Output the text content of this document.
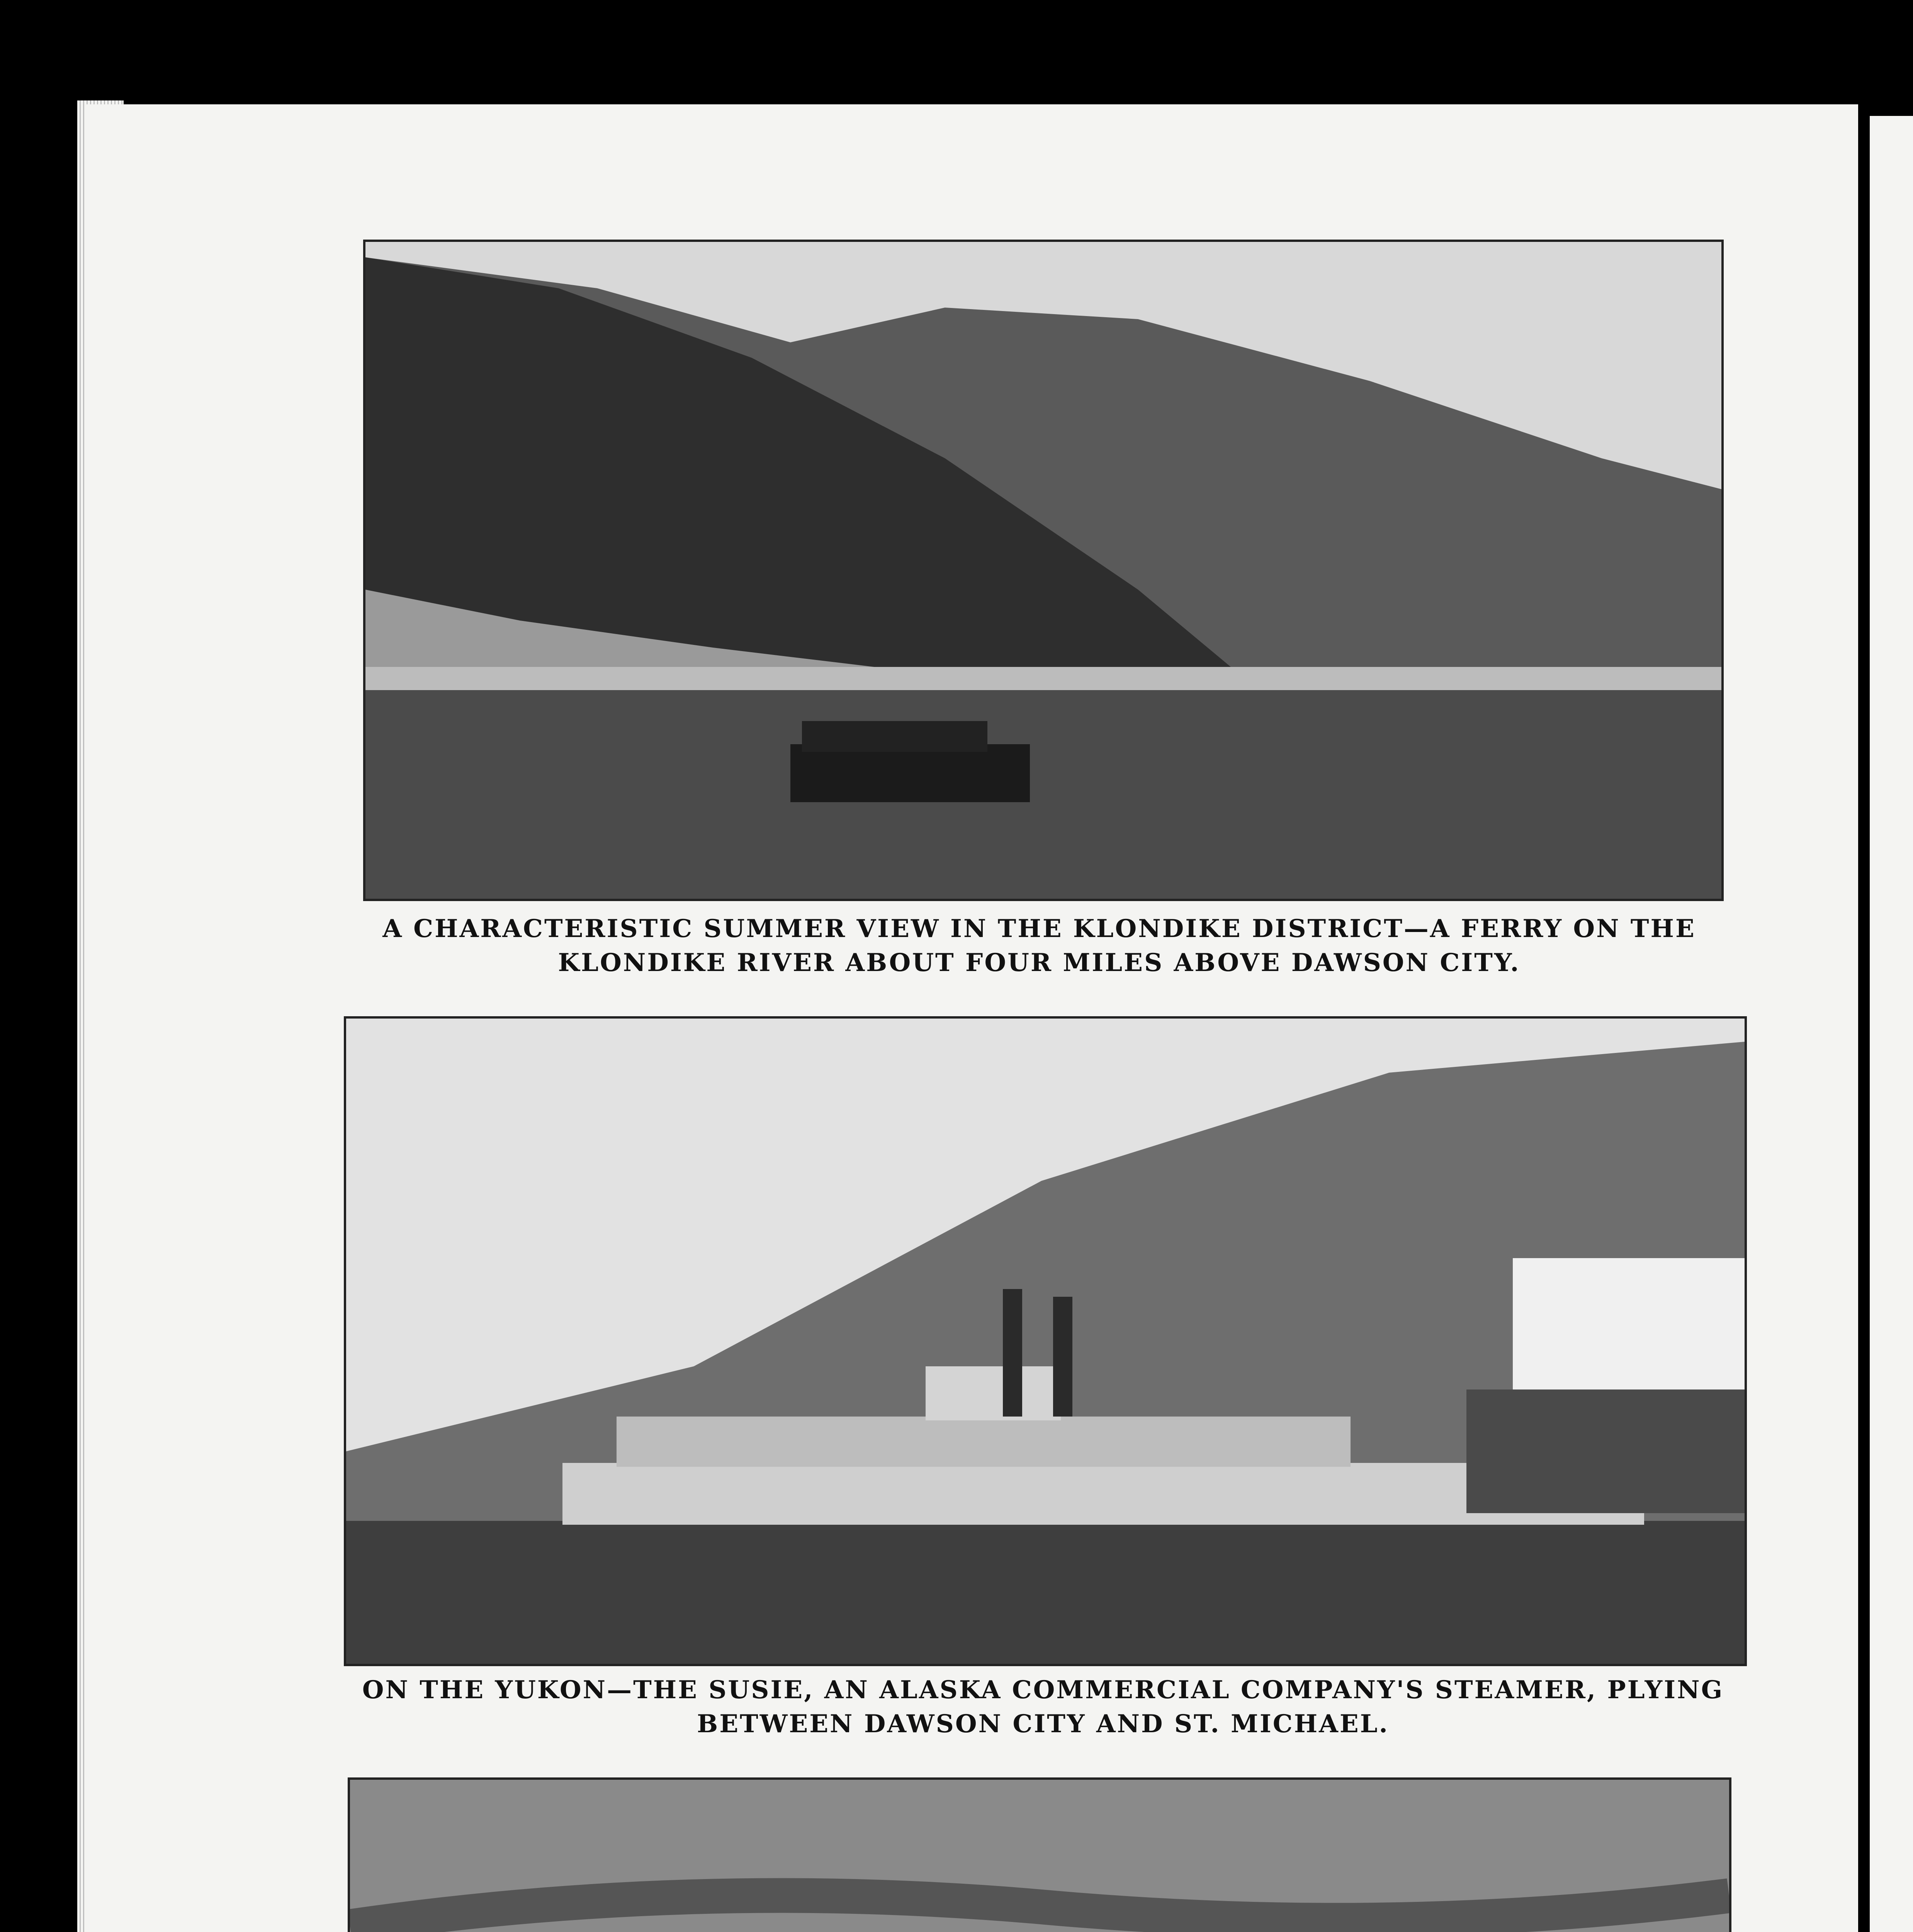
A CHARACTERISTIC SUMMER VIEW IN THE KLONDIKE DISTRICT—A FERRY ON THE KLONDIKE RIVER ABOUT FOUR MILES ABOVE DAWSON CITY.
ON THE YUKON—THE SUSIE, AN ALASKA COMMERCIAL COMPANY'S STEAMER, PLYING BETWEEN DAWSON CITY AND ST. MICHAEL.
